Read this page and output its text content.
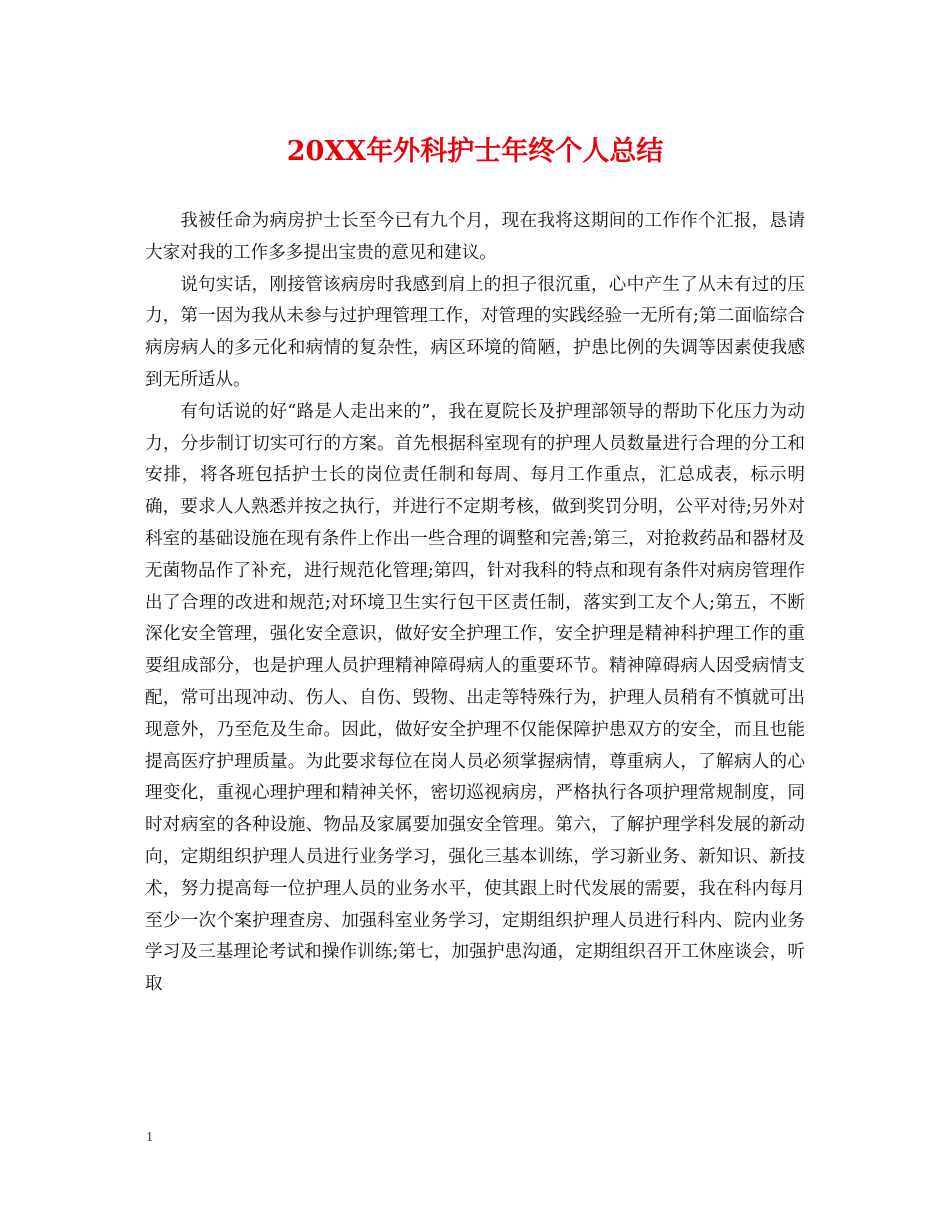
20XX年外科护士年终个人总结

我被任命为病房护士长至今已有九个月，现在我将这期间的工作作个汇报，恳请大家对我的工作多多提出宝贵的意见和建议。

说句实话，刚接管该病房时我感到肩上的担子很沉重，心中产生了从未有过的压力，第一因为我从未参与过护理管理工作，对管理的实践经验一无所有;第二面临综合病房病人的多元化和病情的复杂性，病区环境的简陋，护患比例的失调等因素使我感到无所适从。

有句话说的好“路是人走出来的”，我在夏院长及护理部领导的帮助下化压力为动力，分步制订切实可行的方案。首先根据科室现有的护理人员数量进行合理的分工和安排，将各班包括护士长的岗位责任制和每周、每月工作重点，汇总成表，标示明确，要求人人熟悉并按之执行，并进行不定期考核，做到奖罚分明，公平对待;另外对科室的基础设施在现有条件上作出一些合理的调整和完善;第三，对抢救药品和器材及无菌物品作了补充，进行规范化管理;第四，针对我科的特点和现有条件对病房管理作出了合理的改进和规范;对环境卫生实行包干区责任制，落实到工友个人;第五，不断深化安全管理，强化安全意识，做好安全护理工作，安全护理是精神科护理工作的重要组成部分，也是护理人员护理精神障碍病人的重要环节。精神障碍病人因受病情支配，常可出现冲动、伤人、自伤、毁物、出走等特殊行为，护理人员稍有不慎就可出现意外，乃至危及生命。因此，做好安全护理不仅能保障护患双方的安全，而且也能提高医疗护理质量。为此要求每位在岗人员必须掌握病情，尊重病人，了解病人的心理变化，重视心理护理和精神关怀，密切巡视病房，严格执行各项护理常规制度，同时对病室的各种设施、物品及家属要加强安全管理。第六，了解护理学科发展的新动向，定期组织护理人员进行业务学习，强化三基本训练，学习新业务、新知识、新技术，努力提高每一位护理人员的业务水平，使其跟上时代发展的需要，我在科内每月至少一次个案护理查房、加强科室业务学习，定期组织护理人员进行科内、院内业务学习及三基理论考试和操作训练;第七，加强护患沟通，定期组织召开工休座谈会，听取

1
